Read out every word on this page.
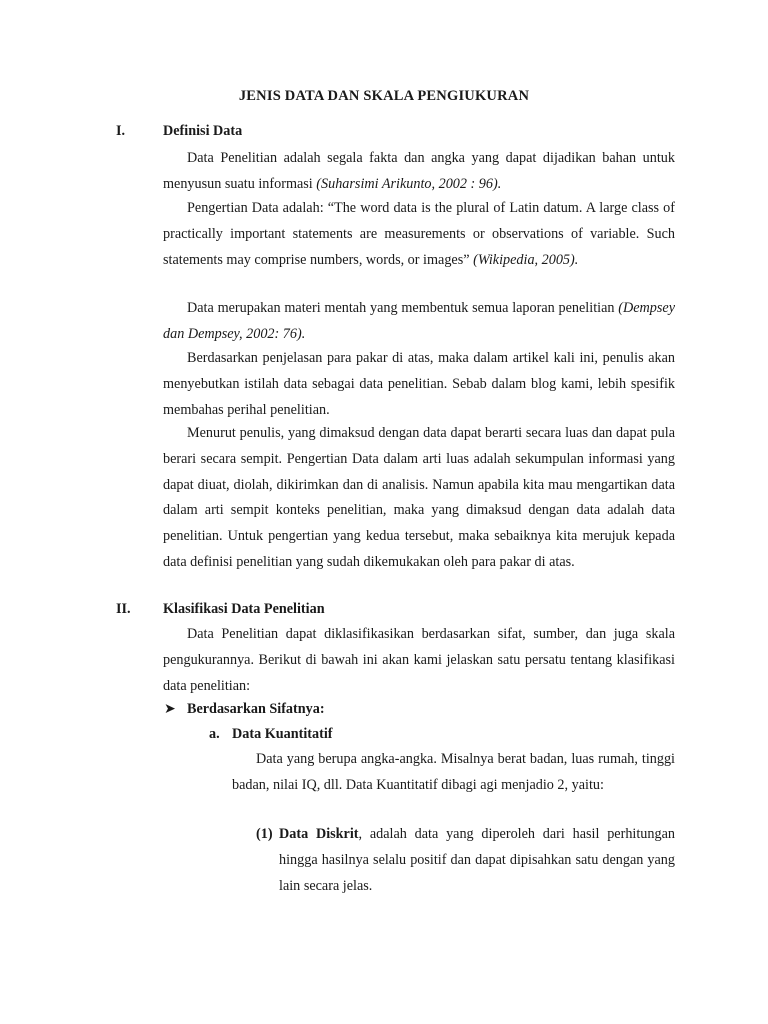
JENIS DATA DAN SKALA PENGIUKURAN
I.	Definisi Data
Data Penelitian adalah segala fakta dan angka yang dapat dijadikan bahan untuk menyusun suatu informasi (Suharsimi Arikunto, 2002 : 96).
Pengertian Data adalah: “The word data is the plural of Latin datum. A large class of practically important statements are measurements or observations of variable. Such statements may comprise numbers, words, or images” (Wikipedia, 2005).
Data merupakan materi mentah yang membentuk semua laporan penelitian (Dempsey dan Dempsey, 2002: 76).
Berdasarkan penjelasan para pakar di atas, maka dalam artikel kali ini, penulis akan menyebutkan istilah data sebagai data penelitian. Sebab dalam blog kami, lebih spesifik membahas perihal penelitian.
Menurut penulis, yang dimaksud dengan data dapat berarti secara luas dan dapat pula berari secara sempit. Pengertian Data dalam arti luas adalah sekumpulan informasi yang dapat diuat, diolah, dikirimkan dan di analisis. Namun apabila kita mau mengartikan data dalam arti sempit konteks penelitian, maka yang dimaksud dengan data adalah data penelitian. Untuk pengertian yang kedua tersebut, maka sebaiknya kita merujuk kepada data definisi penelitian yang sudah dikemukakan oleh para pakar di atas.
II. Klasifikasi Data Penelitian
Data Penelitian dapat diklasifikasikan berdasarkan sifat, sumber, dan juga skala pengukurannya. Berikut di bawah ini akan kami jelaskan satu persatu tentang klasifikasi data penelitian:
➤ Berdasarkan Sifatnya:
a. Data Kuantitatif
Data yang berupa angka-angka. Misalnya berat badan, luas rumah, tinggi badan, nilai IQ, dll. Data Kuantitatif dibagi agi menjadio 2, yaitu:
(1) Data Diskrit, adalah data yang diperoleh dari hasil perhitungan hingga hasilnya selalu positif dan dapat dipisahkan satu dengan yang lain secara jelas.
